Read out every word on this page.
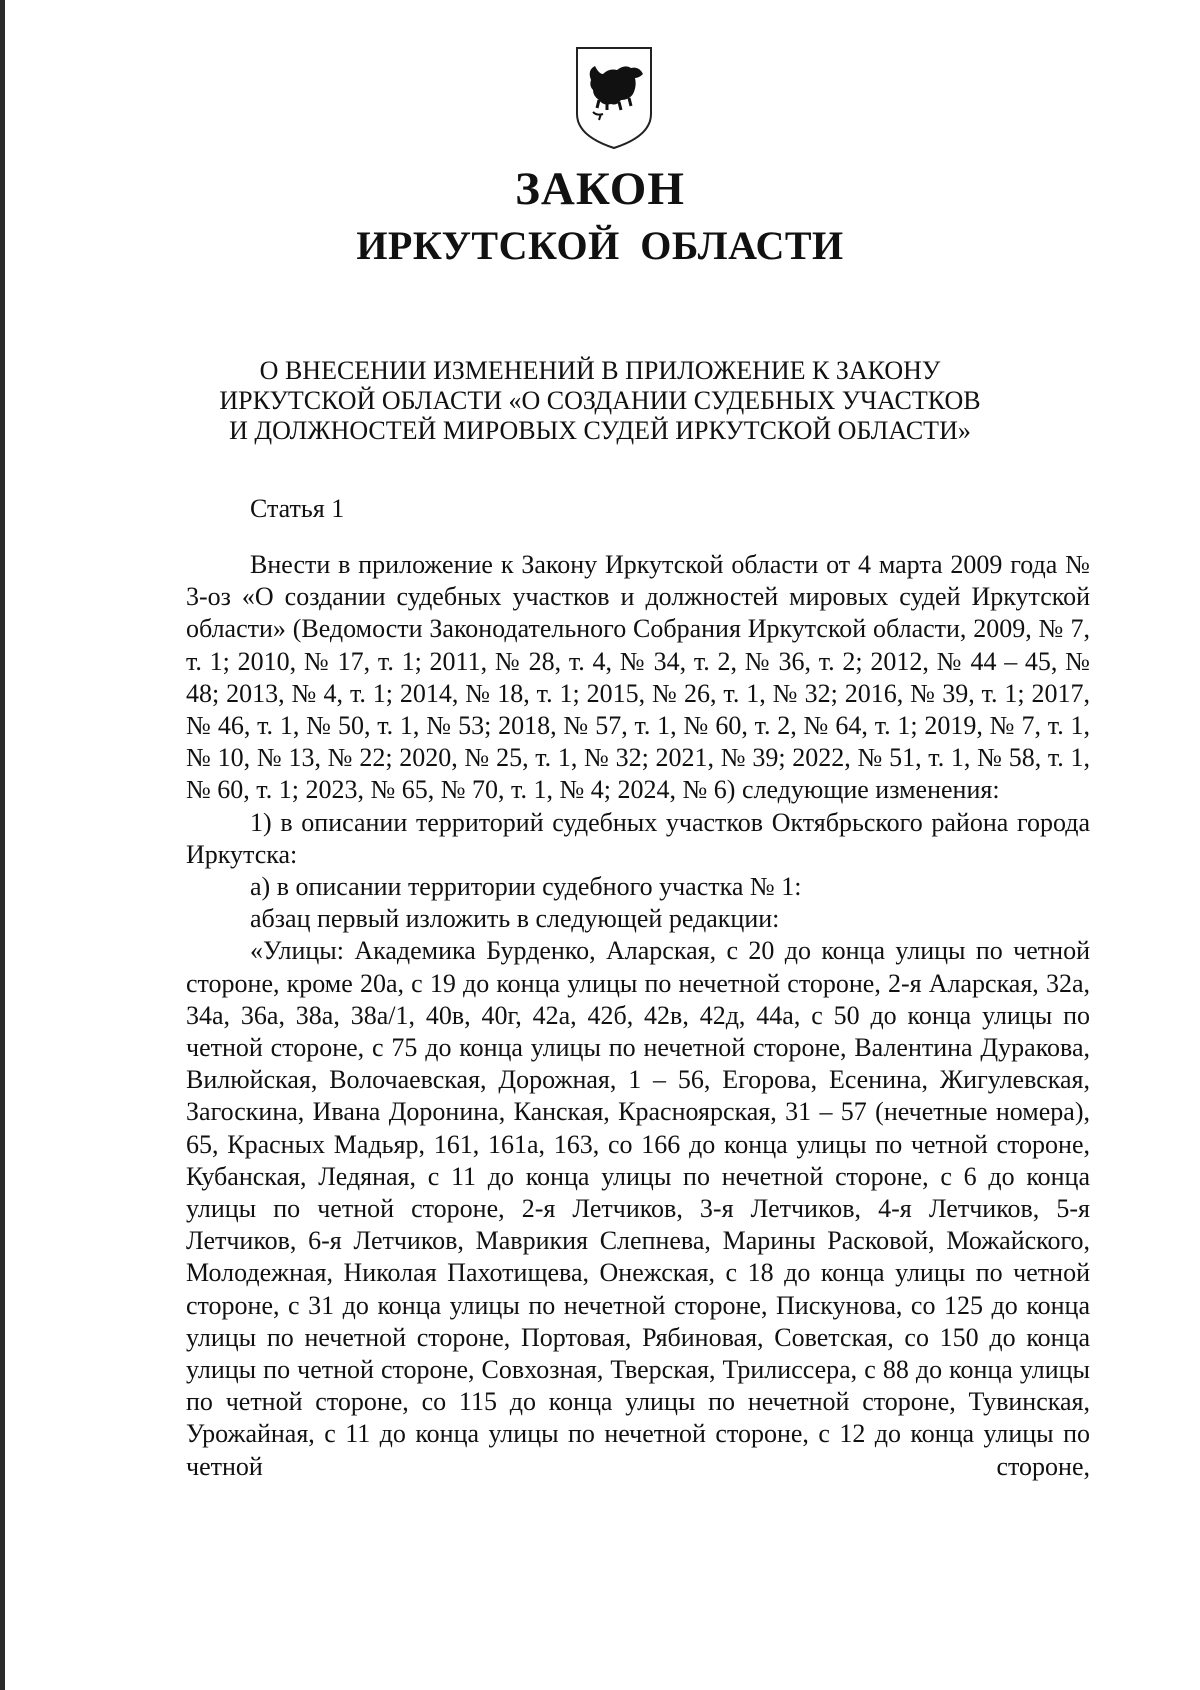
ЗАКОН
ИРКУТСКОЙ ОБЛАСТИ
О ВНЕСЕНИИ ИЗМЕНЕНИЙ В ПРИЛОЖЕНИЕ К ЗАКОНУ
ИРКУТСКОЙ ОБЛАСТИ «О СОЗДАНИИ СУДЕБНЫХ УЧАСТКОВ
И ДОЛЖНОСТЕЙ МИРОВЫХ СУДЕЙ ИРКУТСКОЙ ОБЛАСТИ»

Статья 1

Внести в приложение к Закону Иркутской области от 4 марта 2009 года № 3-оз «О создании судебных участков и должностей мировых судей Иркутской области» (Ведомости Законодательного Собрания Иркутской области, 2009, № 7, т. 1; 2010, № 17, т. 1; 2011, № 28, т. 4, № 34, т. 2, № 36, т. 2; 2012, № 44 – 45, № 48; 2013, № 4, т. 1; 2014, № 18, т. 1; 2015, № 26, т. 1, № 32; 2016, № 39, т. 1; 2017, № 46, т. 1, № 50, т. 1, № 53; 2018, № 57, т. 1, № 60, т. 2, № 64, т. 1; 2019, № 7, т. 1, № 10, № 13, № 22; 2020, № 25, т. 1, № 32; 2021, № 39; 2022, № 51, т. 1, № 58, т. 1, № 60, т. 1; 2023, № 65, № 70, т. 1, № 4; 2024, № 6) следующие изменения:

1) в описании территорий судебных участков Октябрьского района города Иркутска:

а) в описании территории судебного участка № 1:

абзац первый изложить в следующей редакции:

«Улицы: Академика Бурденко, Аларская, с 20 до конца улицы по четной стороне, кроме 20а, с 19 до конца улицы по нечетной стороне, 2-я Аларская, 32а, 34а, 36а, 38а, 38а/1, 40в, 40г, 42а, 42б, 42в, 42д, 44а, с 50 до конца улицы по четной стороне, с 75 до конца улицы по нечетной стороне, Валентина Дуракова, Вилюйская, Волочаевская, Дорожная, 1 – 56, Егорова, Есенина, Жигулевская, Загоскина, Ивана Доронина, Канская, Красноярская, 31 – 57 (нечетные номера), 65, Красных Мадьяр, 161, 161а, 163, со 166 до конца улицы по четной стороне, Кубанская, Ледяная, с 11 до конца улицы по нечетной стороне, с 6 до конца улицы по четной стороне, 2-я Летчиков, 3-я Летчиков, 4-я Летчиков, 5-я Летчиков, 6-я Летчиков, Маврикия Слепнева, Марины Расковой, Можайского, Молодежная, Николая Пахотищева, Онежская, с 18 до конца улицы по четной стороне, с 31 до конца улицы по нечетной стороне, Пискунова, со 125 до конца улицы по нечетной стороне, Портовая, Рябиновая, Советская, со 150 до конца улицы по четной стороне, Совхозная, Тверская, Трилиссера, с 88 до конца улицы по четной стороне, со 115 до конца улицы по нечетной стороне, Тувинская, Урожайная, с 11 до конца улицы по нечетной стороне, с 12 до конца улицы по четной стороне,
